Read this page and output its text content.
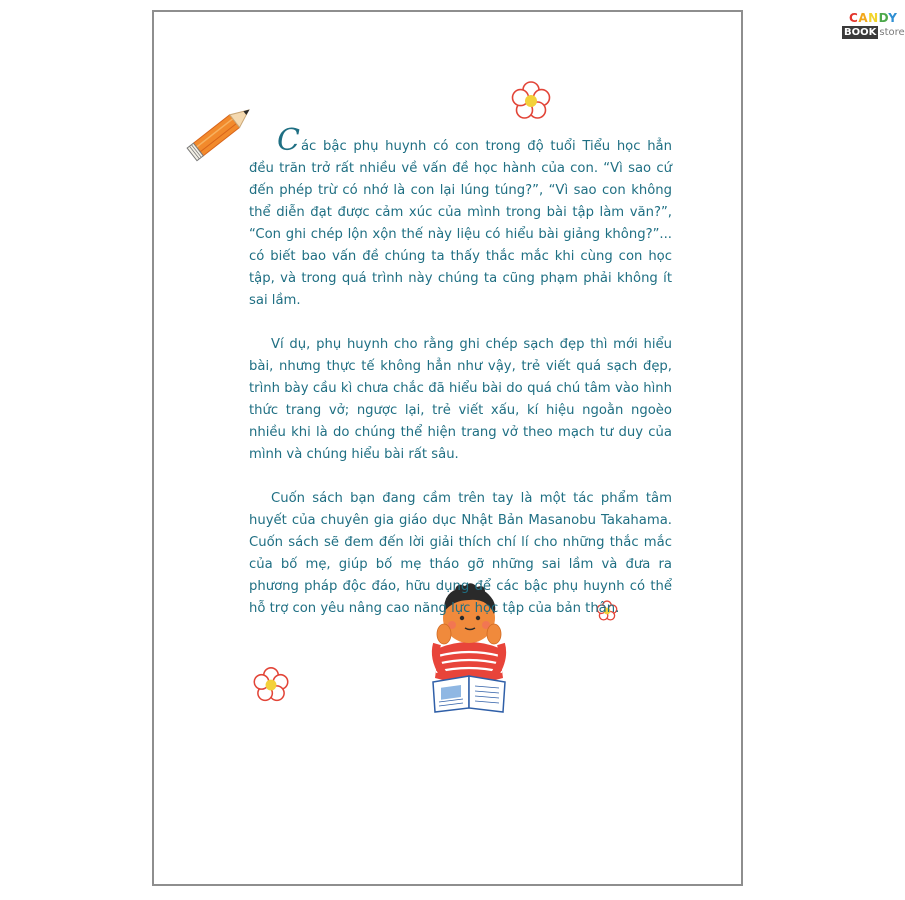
CANDY
BOOK store

Các bậc phụ huynh có con trong độ tuổi Tiểu học hẳn đều trăn trở rất nhiều về vấn đề học hành của con. “Vì sao cứ đến phép trừ có nhớ là con lại lúng túng?”, “Vì sao con không thể diễn đạt được cảm xúc của mình trong bài tập làm văn?”, “Con ghi chép lộn xộn thế này liệu có hiểu bài giảng không?”... có biết bao vấn đề chúng ta thấy thắc mắc khi cùng con học tập, và trong quá trình này chúng ta cũng phạm phải không ít sai lầm.

Ví dụ, phụ huynh cho rằng ghi chép sạch đẹp thì mới hiểu bài, nhưng thực tế không hẳn như vậy, trẻ viết quá sạch đẹp, trình bày cầu kì chưa chắc đã hiểu bài do quá chú tâm vào hình thức trang vở; ngược lại, trẻ viết xấu, kí hiệu ngoằn ngoèo nhiều khi là do chúng thể hiện trang vở theo mạch tư duy của mình và chúng hiểu bài rất sâu.

Cuốn sách bạn đang cầm trên tay là một tác phẩm tâm huyết của chuyên gia giáo dục Nhật Bản Masanobu Takahama. Cuốn sách sẽ đem đến lời giải thích chí lí cho những thắc mắc của bố mẹ, giúp bố mẹ tháo gỡ những sai lầm và đưa ra phương pháp độc đáo, hữu dụng để các bậc phụ huynh có thể hỗ trợ con yêu nâng cao năng lực học tập của bản thân.
